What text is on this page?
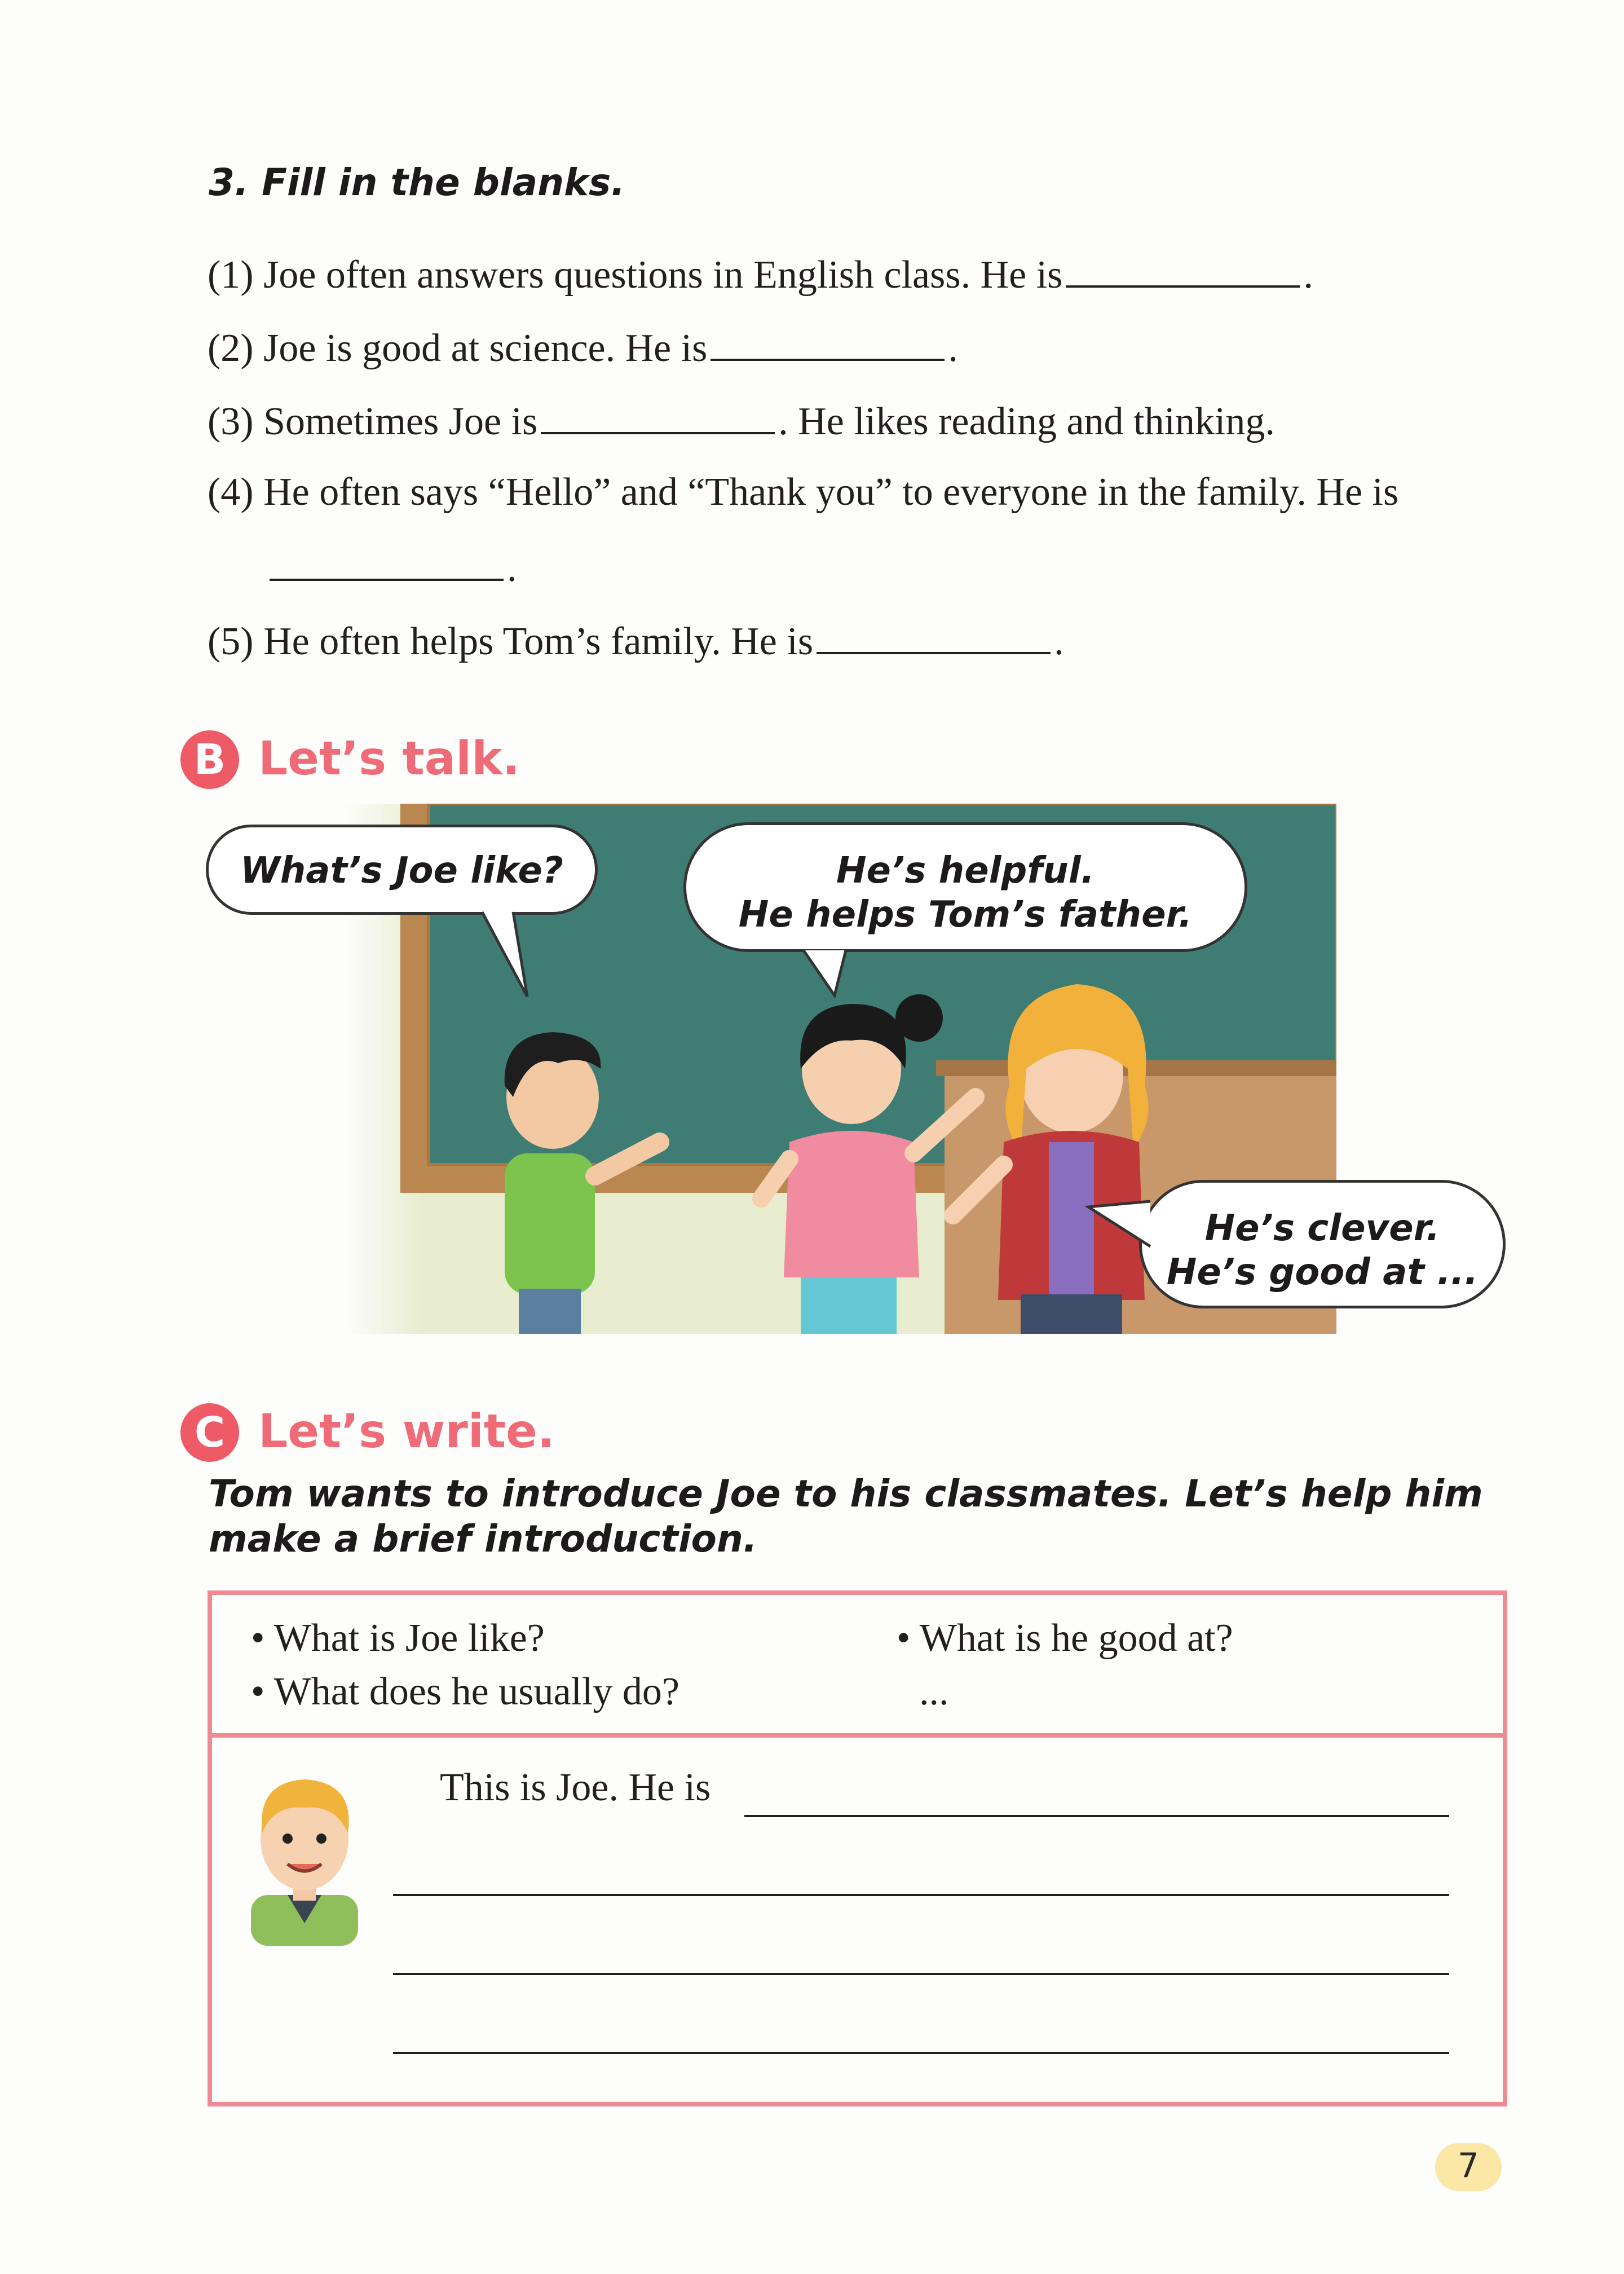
3. Fill in the blanks.
(1) Joe often answers questions in English class. He is	.
(2) Joe is good at science. He is	.
(3) Sometimes Joe is	. He likes reading and thinking.
(4) He often says “Hello” and “Thank you” to everyone in the family. He is
.
(5) He often helps Tom’s family. He is	.
B Let’s talk.
What’s Joe like?	He’s helpful.
He helps Tom’s father.
He’s clever.
He’s good at ...
C Let’s write.
Tom wants to introduce Joe to his classmates. Let’s help him
make a brief introduction.
• What is Joe like?
• What does he usually do?
• What is he good at?
...
This is Joe. He is
7
